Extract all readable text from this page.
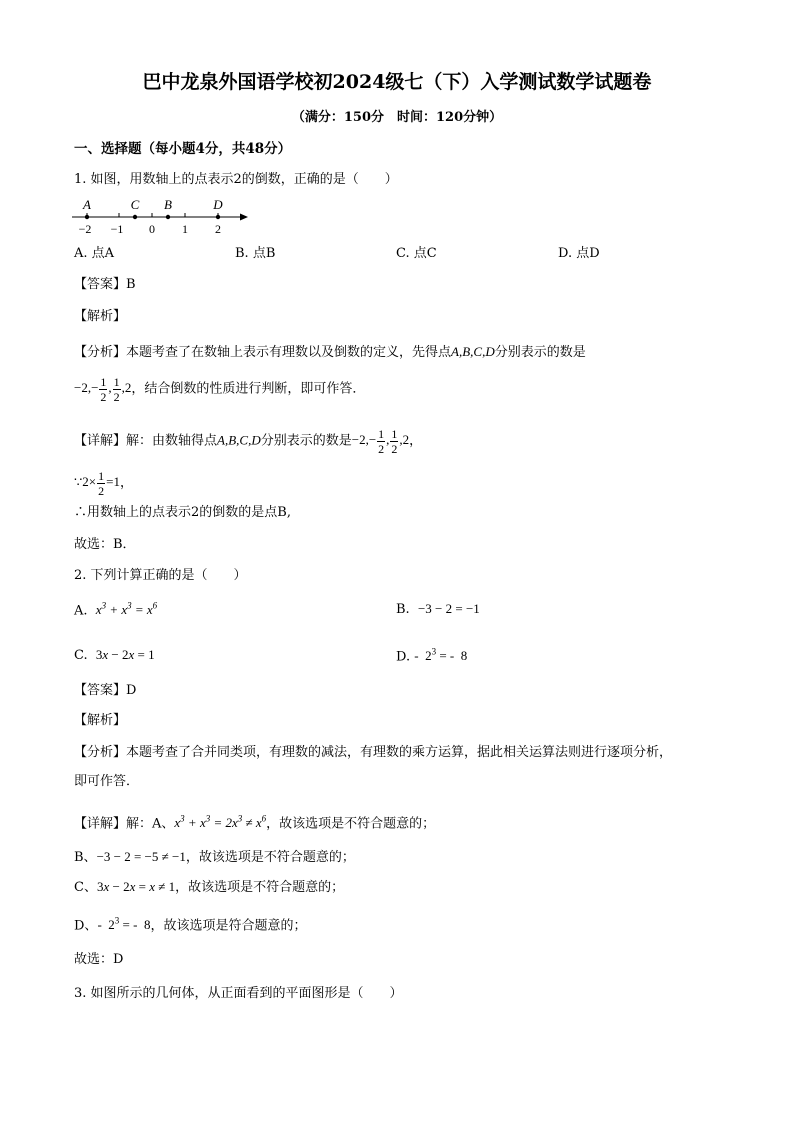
巴中龙泉外国语学校初2024级七（下）入学测试数学试题卷
（满分：150分　时间：120分钟）
一、选择题（每小题4分，共48分）
1. 如图，用数轴上的点表示2的倒数，正确的是（　　）
A	C B	D
−2 −1 0 1 2
A. 点A	B. 点B	C. 点C	D. 点D
【答案】B
【解析】
【分析】本题考查了在数轴上表示有理数以及倒数的定义，先得点A,B,C,D分别表示的数是
$-2,- \frac{1}{2}$ , $\frac{1}{2} ,2$，结合倒数的性质进行判断，即可作答．
【详解】解：由数轴得点A,B,C,D分别表示的数是$-2,- \frac{1}{2}$ , $\frac{1}{2} ,2$，
∵2× $\frac{1}{2} =1$，
∴用数轴上的点表示2的倒数的是点B,
故选：B．
2. 下列计算正确的是（　　）
A. $x^3 + x^3 = x^6$	B. −3 − 2 = −1
C. 3x − 2x = 1	D. -  $2^3$ = -  8
【答案】D
【解析】
【分析】本题考查了合并同类项，有理数的减法，有理数的乘方运算，据此相关运算法则进行逐项分析，
即可作答．
【详解】解：A、$x^3 + x^3 = 2x^3 \ne x^6$，故该选项是不符合题意的；
B、−3 − 2 = −5 ≠ −1，故该选项是不符合题意的；
C、3x − 2x = x ≠ 1，故该选项是不符合题意的；
D、-  $2^3$ = -  8，故该选项是符合题意的；
故选：D
3. 如图所示的几何体，从正面看到的平面图形是（　　）
